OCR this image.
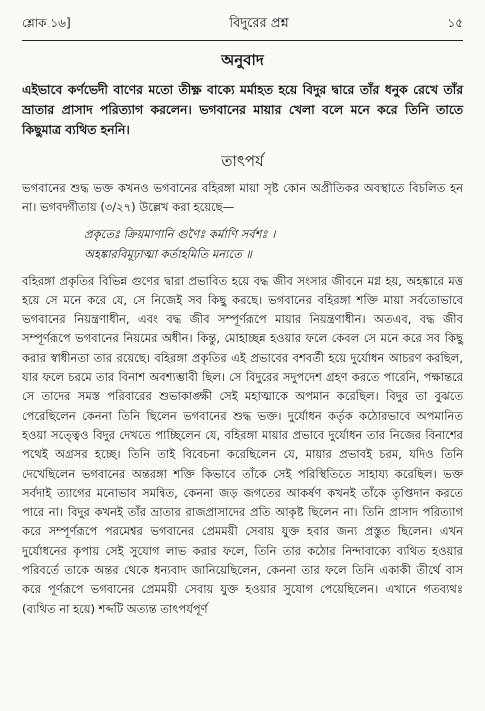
শ্লোক ১৬]	বিদুরের প্রশ্ন	১৫
অনুবাদ

এইভাবে কর্ণভেদী বাণের মতো তীক্ষ্ণ বাক্যে মর্মাহত হয়ে বিদুর দ্বারে তাঁর ধনুক রেখে তাঁর ভ্রাতার প্রাসাদ পরিত্যাগ করলেন। ভগবানের মায়ার খেলা বলে মনে করে তিনি তাতে কিছুমাত্র ব্যথিত হননি।

তাৎপর্য

ভগবানের শুদ্ধ ভক্ত কখনও ভগবানের বহিরঙ্গা মায়া সৃষ্ট কোন অপ্রীতিকর অবস্থাতে বিচলিত হন না। ভগবদ্গীতায় (৩/২৭) উল্লেখ করা হয়েছে—

প্রকৃতেঃ ক্রিয়মাণানি গুণৈঃ কর্মাণি সর্বশঃ ।
অহঙ্কারবিমূঢ়াত্মা কর্তাহমিতি মন্যতে ॥

বহিরঙ্গা প্রকৃতির বিভিন্ন গুণের দ্বারা প্রভাবিত হয়ে বদ্ধ জীব সংসার জীবনে মগ্ন হয়, অহঙ্কারে মত্ত হয়ে সে মনে করে যে, সে নিজেই সব কিছু করছে। ভগবানের বহিরঙ্গা শক্তি মায়া সর্বতোভাবে ভগবানের নিয়ন্ত্রণাধীন, এবং বদ্ধ জীব সম্পূর্ণরূপে মায়ার নিয়ন্ত্রণাধীন। অতএব, বদ্ধ জীব সম্পূর্ণরূপে ভগবানের নিয়মের অধীন। কিন্তু, মোহাচ্ছন্ন হওয়ার ফলে কেবল সে মনে করে সব কিছু করার স্বাধীনতা তার রয়েছে। বহিরঙ্গা প্রকৃতির এই প্রভাবের বশবর্তী হয়ে দুর্যোধন আচরণ করছিল, যার ফলে চরমে তার বিনাশ অবশ্যম্ভাবী ছিল। সে বিদুরের সদুপদেশ গ্রহণ করতে পারেনি, পক্ষান্তরে সে তাদের সমস্ত পরিবারের শুভাকাঙ্ক্ষী সেই মহাত্মাকে অপমান করেছিল। বিদুর তা বুঝতে পেরেছিলেন কেননা তিনি ছিলেন ভগবানের শুদ্ধ ভক্ত। দুর্যোধন কর্তৃক কঠোরভাবে অপমানিত হওয়া সত্ত্বেও বিদুর দেখতে পাচ্ছিলেন যে, বহিরঙ্গা মায়ার প্রভাবে দুর্যোধন তার নিজের বিনাশের পথেই অগ্রসর হচ্ছে। তিনি তাই বিবেচনা করেছিলেন যে, মায়ার প্রভাবই চরম, যদিও তিনি দেখেছিলেন ভগবানের অন্তরঙ্গা শক্তি কিভাবে তাঁকে সেই পরিস্থিতিতে সাহায্য করেছিল। ভক্ত সর্বদাই ত্যাগের মনোভাব সমন্বিত, কেননা জড় জগতের আকর্ষণ কখনই তাঁকে তৃপ্তিদান করতে পারে না। বিদুর কখনই তাঁর ভ্রাতার রাজপ্রাসাদের প্রতি আকৃষ্ট ছিলেন না। তিনি প্রাসাদ পরিত্যাগ করে সম্পূর্ণরূপে পরমেশ্বর ভগবানের প্রেমময়ী সেবায় যুক্ত হবার জন্য প্রস্তুত ছিলেন। এখন দুর্যোধনের কৃপায় সেই সুযোগ লাভ করার ফলে, তিনি তার কঠোর নিন্দাবাক্যে ব্যথিত হওয়ার পরিবর্তে তাকে অন্তর থেকে ধন্যবাদ জানিয়েছিলেন, কেননা তার ফলে তিনি একাকী তীর্থে বাস করে পূর্ণরূপে ভগবানের প্রেমময়ী সেবায় যুক্ত হওয়ার সুযোগ পেয়েছিলেন। এখানে গতব্যথঃ (ব্যথিত না হয়ে) শব্দটি অত্যন্ত তাৎপর্যপূর্ণ
